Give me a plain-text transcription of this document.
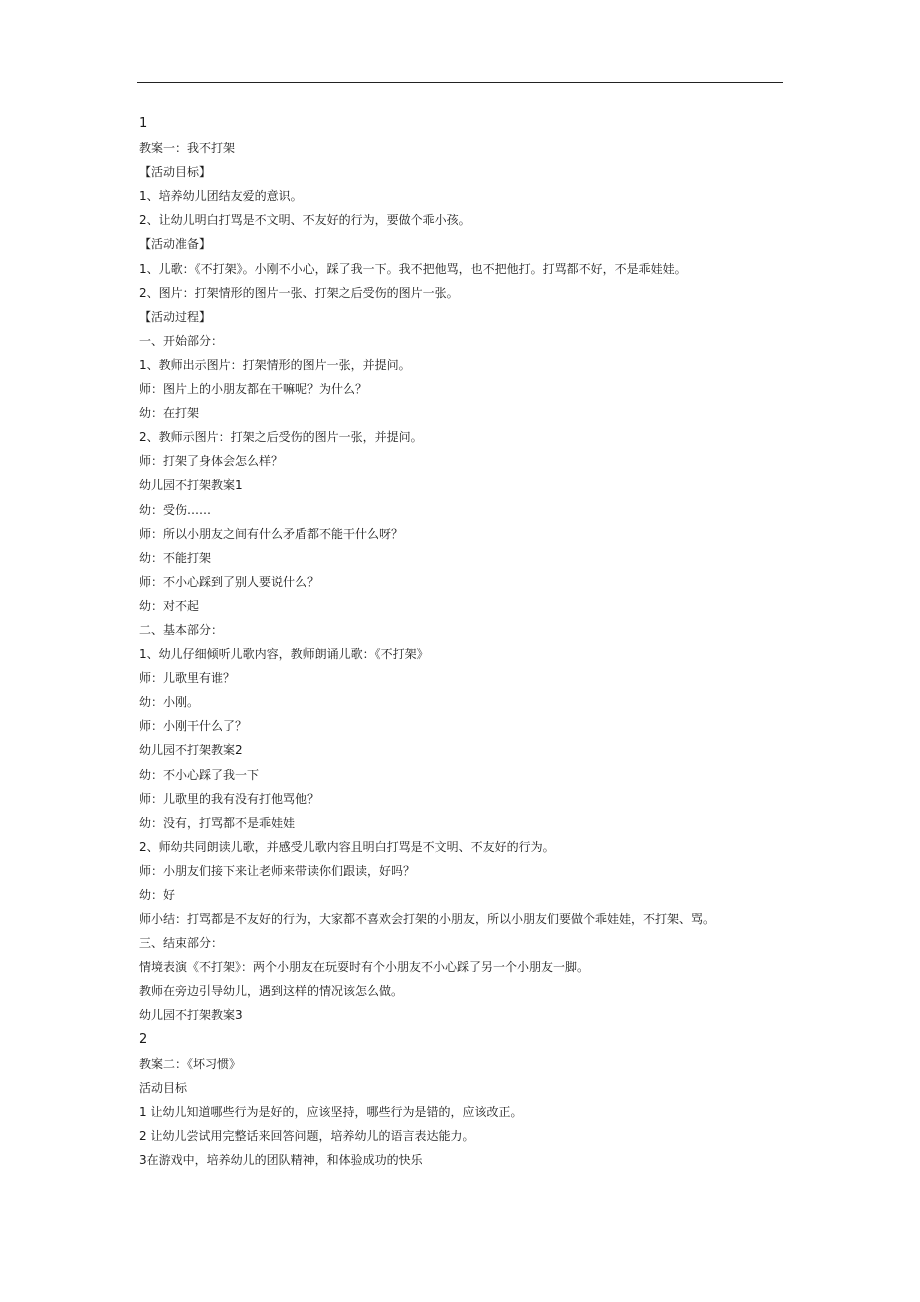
1
教案一：我不打架
【活动目标】
1、培养幼儿团结友爱的意识。
2、让幼儿明白打骂是不文明、不友好的行为，要做个乖小孩。
【活动准备】
1、儿歌：《不打架》。小刚不小心，踩了我一下。我不把他骂，也不把他打。打骂都不好，不是乖娃娃。
2、图片：打架情形的图片一张、打架之后受伤的图片一张。
【活动过程】
一、开始部分：
1、教师出示图片：打架情形的图片一张，并提问。
师：图片上的小朋友都在干嘛呢？为什么？
幼：在打架
2、教师示图片：打架之后受伤的图片一张，并提问。
师：打架了身体会怎么样？
幼儿园不打架教案1
幼：受伤……
师：所以小朋友之间有什么矛盾都不能干什么呀？
幼：不能打架
师：不小心踩到了别人要说什么？
幼：对不起
二、基本部分：
1、幼儿仔细倾听儿歌内容，教师朗诵儿歌：《不打架》
师：儿歌里有谁？
幼：小刚。
师：小刚干什么了？
幼儿园不打架教案2
幼：不小心踩了我一下
师：儿歌里的我有没有打他骂他？
幼：没有，打骂都不是乖娃娃
2、师幼共同朗读儿歌，并感受儿歌内容且明白打骂是不文明、不友好的行为。
师：小朋友们接下来让老师来带读你们跟读，好吗？
幼：好
师小结：打骂都是不友好的行为，大家都不喜欢会打架的小朋友，所以小朋友们要做个乖娃娃，不打架、骂。
三、结束部分：
情境表演《不打架》：两个小朋友在玩耍时有个小朋友不小心踩了另一个小朋友一脚。
教师在旁边引导幼儿，遇到这样的情况该怎么做。
幼儿园不打架教案3
2
教案二：《坏习惯》
活动目标
1 让幼儿知道哪些行为是好的，应该坚持，哪些行为是错的，应该改正。
2 让幼儿尝试用完整话来回答问题，培养幼儿的语言表达能力。
3在游戏中，培养幼儿的团队精神，和体验成功的快乐
